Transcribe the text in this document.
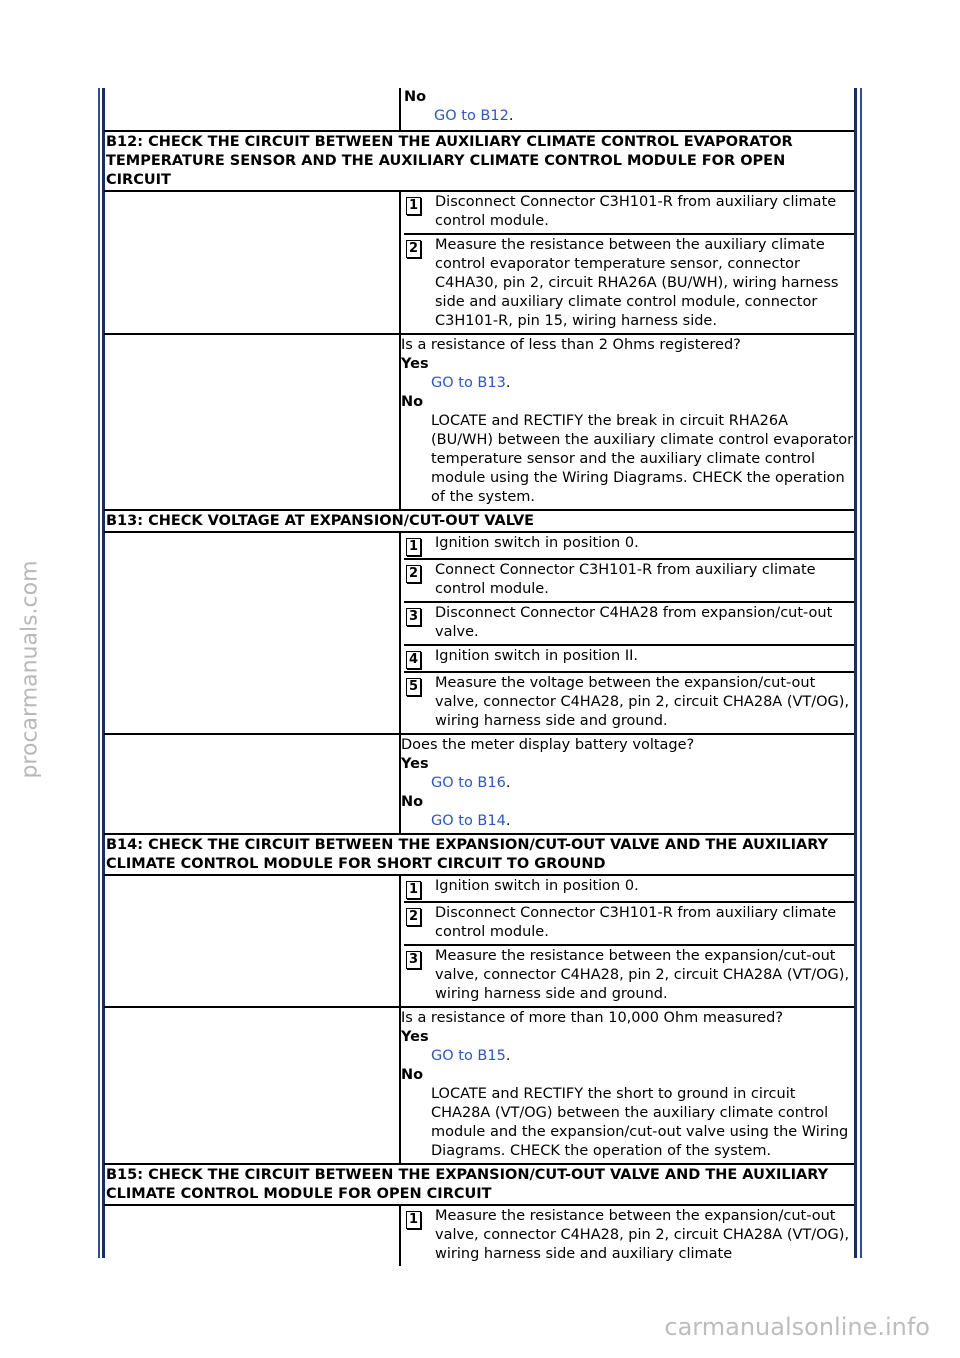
procarmanuals.com
carmanualsonline.info
No
GO to B12.
B12: CHECK THE CIRCUIT BETWEEN THE AUXILIARY CLIMATE CONTROL EVAPORATOR TEMPERATURE SENSOR AND THE AUXILIARY CLIMATE CONTROL MODULE FOR OPEN CIRCUIT
1 Disconnect Connector C3H101-R from auxiliary climate control module.
2 Measure the resistance between the auxiliary climate control evaporator temperature sensor, connector C4HA30, pin 2, circuit RHA26A (BU/WH), wiring harness side and auxiliary climate control module, connector C3H101-R, pin 15, wiring harness side.
Is a resistance of less than 2 Ohms registered?
Yes
GO to B13.
No
LOCATE and RECTIFY the break in circuit RHA26A (BU/WH) between the auxiliary climate control evaporator temperature sensor and the auxiliary climate control module using the Wiring Diagrams. CHECK the operation of the system.
B13: CHECK VOLTAGE AT EXPANSION/CUT-OUT VALVE
1 Ignition switch in position 0.
2 Connect Connector C3H101-R from auxiliary climate control module.
3 Disconnect Connector C4HA28 from expansion/cut-out valve.
4 Ignition switch in position II.
5 Measure the voltage between the expansion/cut-out valve, connector C4HA28, pin 2, circuit CHA28A (VT/OG), wiring harness side and ground.
Does the meter display battery voltage?
Yes
GO to B16.
No
GO to B14.
B14: CHECK THE CIRCUIT BETWEEN THE EXPANSION/CUT-OUT VALVE AND THE AUXILIARY CLIMATE CONTROL MODULE FOR SHORT CIRCUIT TO GROUND
1 Ignition switch in position 0.
2 Disconnect Connector C3H101-R from auxiliary climate control module.
3 Measure the resistance between the expansion/cut-out valve, connector C4HA28, pin 2, circuit CHA28A (VT/OG), wiring harness side and ground.
Is a resistance of more than 10,000 Ohm measured?
Yes
GO to B15.
No
LOCATE and RECTIFY the short to ground in circuit CHA28A (VT/OG) between the auxiliary climate control module and the expansion/cut-out valve using the Wiring Diagrams. CHECK the operation of the system.
B15: CHECK THE CIRCUIT BETWEEN THE EXPANSION/CUT-OUT VALVE AND THE AUXILIARY CLIMATE CONTROL MODULE FOR OPEN CIRCUIT
1 Measure the resistance between the expansion/cut-out valve, connector C4HA28, pin 2, circuit CHA28A (VT/OG), wiring harness side and auxiliary climate
